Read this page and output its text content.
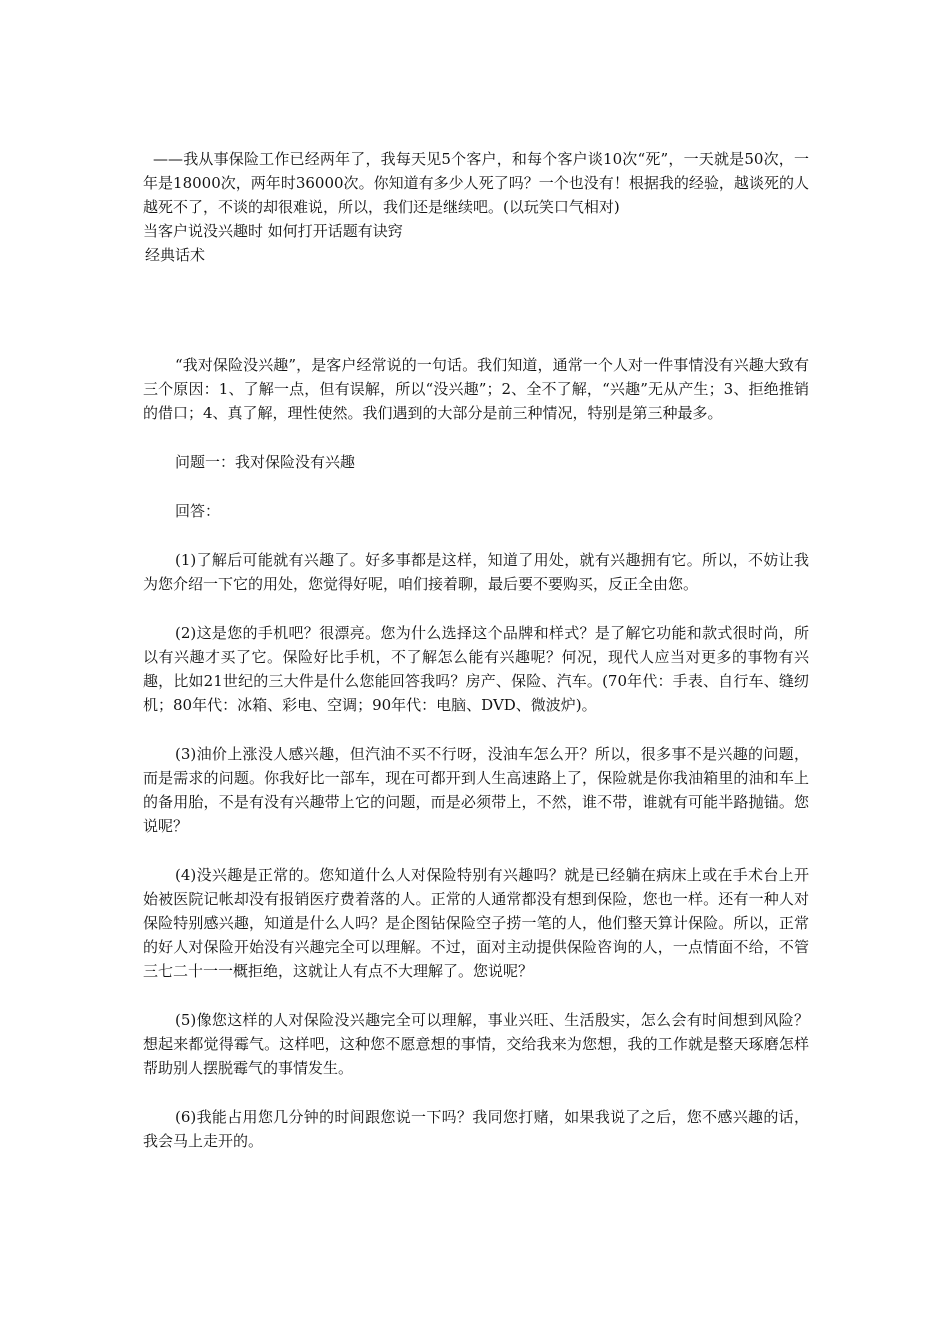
——我从事保险工作已经两年了，我每天见5个客户，和每个客户谈10次“死”，一天就是50次，一年是18000次，两年时36000次。你知道有多少人死了吗？一个也没有！根据我的经验，越谈死的人越死不了，不谈的却很难说，所以，我们还是继续吧。(以玩笑口气相对)

当客户说没兴趣时 如何打开话题有诀窍

经典话术

“我对保险没兴趣”，是客户经常说的一句话。我们知道，通常一个人对一件事情没有兴趣大致有三个原因：1、了解一点，但有误解，所以“没兴趣”；2、全不了解，“兴趣”无从产生；3、拒绝推销的借口；4、真了解，理性使然。我们遇到的大部分是前三种情况，特别是第三种最多。

问题一：我对保险没有兴趣

回答：

(1)了解后可能就有兴趣了。好多事都是这样，知道了用处，就有兴趣拥有它。所以，不妨让我为您介绍一下它的用处，您觉得好呢，咱们接着聊，最后要不要购买，反正全由您。

(2)这是您的手机吧？很漂亮。您为什么选择这个品牌和样式？是了解它功能和款式很时尚，所以有兴趣才买了它。保险好比手机，不了解怎么能有兴趣呢？何况，现代人应当对更多的事物有兴趣，比如21世纪的三大件是什么您能回答我吗？房产、保险、汽车。(70年代：手表、自行车、缝纫机；80年代：冰箱、彩电、空调；90年代：电脑、DVD、微波炉)。

(3)油价上涨没人感兴趣，但汽油不买不行呀，没油车怎么开？所以，很多事不是兴趣的问题，而是需求的问题。你我好比一部车，现在可都开到人生高速路上了，保险就是你我油箱里的油和车上的备用胎，不是有没有兴趣带上它的问题，而是必须带上，不然，谁不带，谁就有可能半路抛锚。您说呢？

(4)没兴趣是正常的。您知道什么人对保险特别有兴趣吗？就是已经躺在病床上或在手术台上开始被医院记帐却没有报销医疗费着落的人。正常的人通常都没有想到保险，您也一样。还有一种人对保险特别感兴趣，知道是什么人吗？是企图钻保险空子捞一笔的人，他们整天算计保险。所以，正常的好人对保险开始没有兴趣完全可以理解。不过，面对主动提供保险咨询的人，一点情面不给，不管三七二十一一概拒绝，这就让人有点不大理解了。您说呢？

(5)像您这样的人对保险没兴趣完全可以理解，事业兴旺、生活殷实，怎么会有时间想到风险？想起来都觉得霉气。这样吧，这种您不愿意想的事情，交给我来为您想，我的工作就是整天琢磨怎样帮助别人摆脱霉气的事情发生。

(6)我能占用您几分钟的时间跟您说一下吗？我同您打赌，如果我说了之后，您不感兴趣的话，我会马上走开的。
